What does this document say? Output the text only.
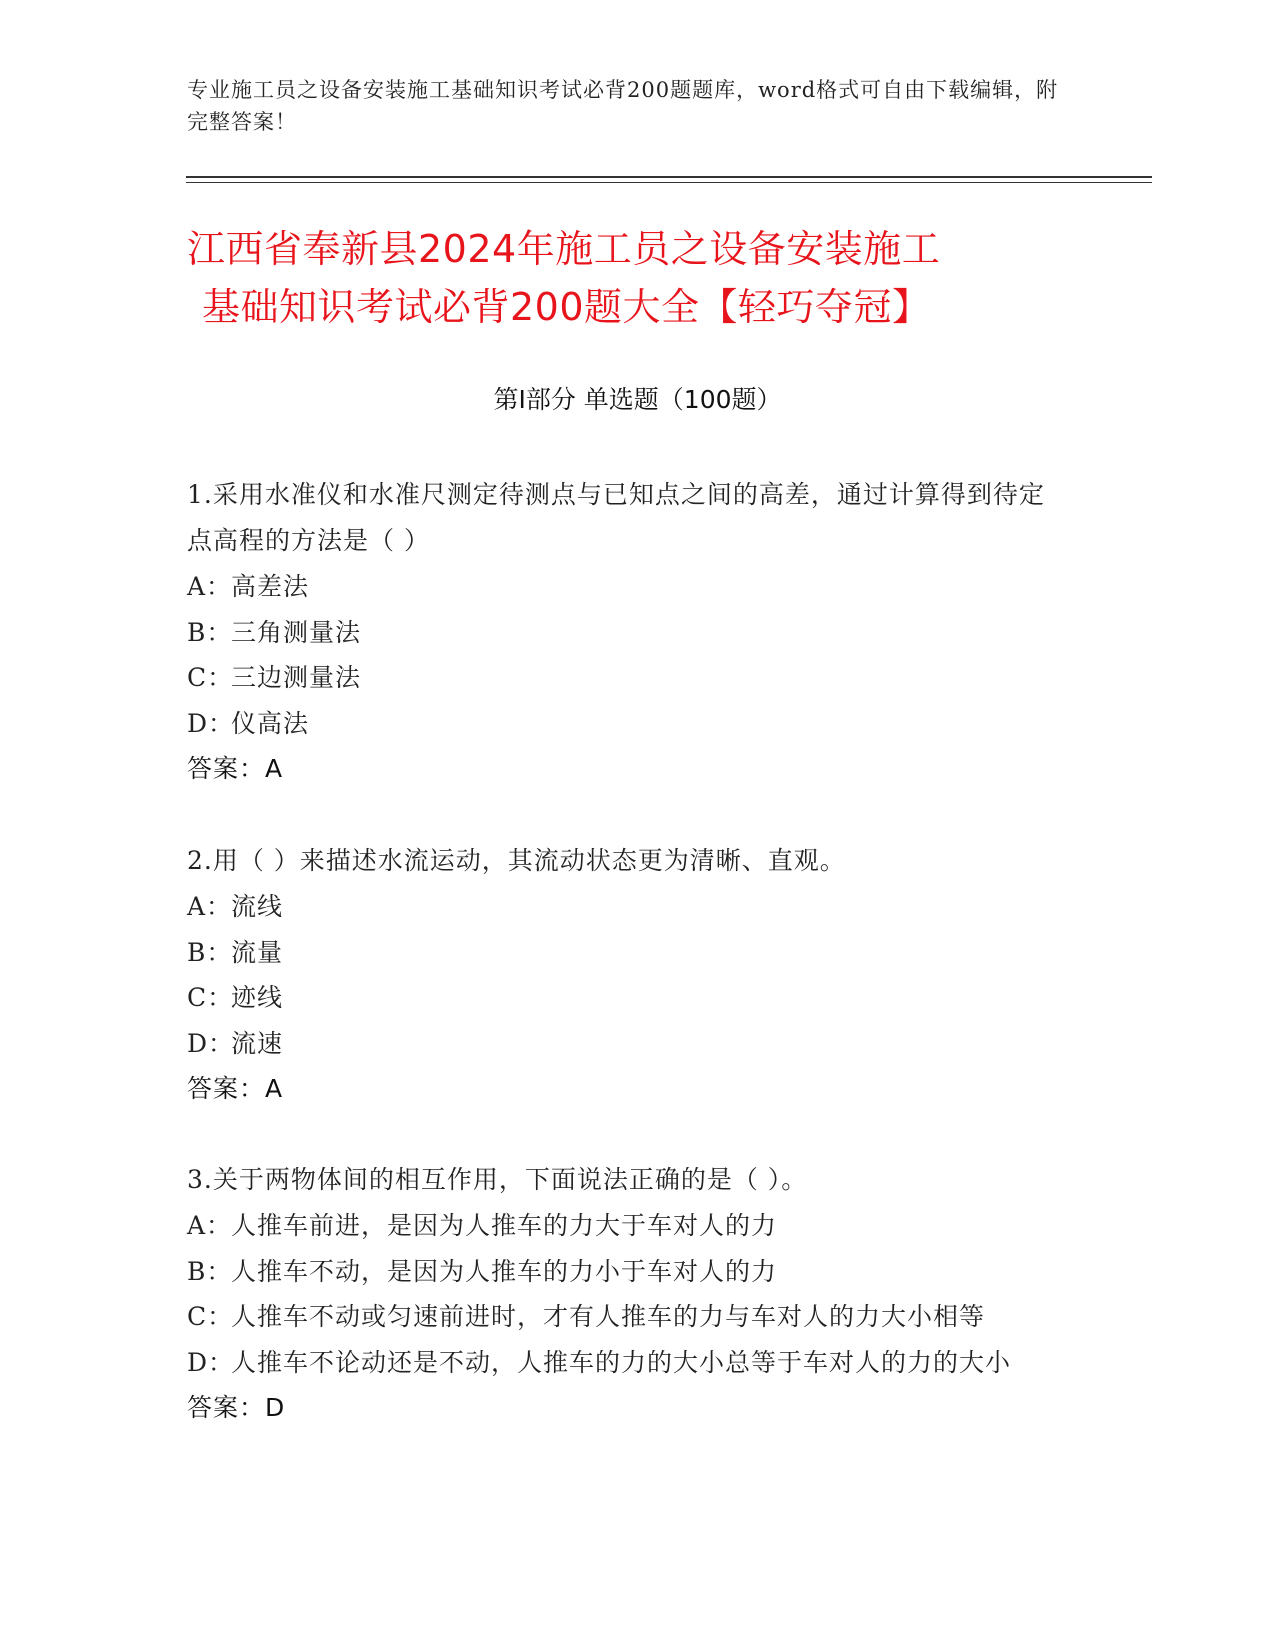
专业施工员之设备安装施工基础知识考试必背200题题库，word格式可自由下载编辑，附完整答案！
江西省奉新县2024年施工员之设备安装施工
基础知识考试必背200题大全【轻巧夺冠】
第I部分 单选题（100题）

1.采用水准仪和水准尺测定待测点与已知点之间的高差，通过计算得到待定点高程的方法是（ ）

A：高差法

B：三角测量法

C：三边测量法

D：仪高法

答案：A

2.用（ ）来描述水流运动，其流动状态更为清晰、直观。

A：流线

B：流量

C：迹线

D：流速

答案：A

3.关于两物体间的相互作用，下面说法正确的是（ ）。

A：人推车前进，是因为人推车的力大于车对人的力

B：人推车不动，是因为人推车的力小于车对人的力

C：人推车不动或匀速前进时，才有人推车的力与车对人的力大小相等

D：人推车不论动还是不动，人推车的力的大小总等于车对人的力的大小

答案：D
